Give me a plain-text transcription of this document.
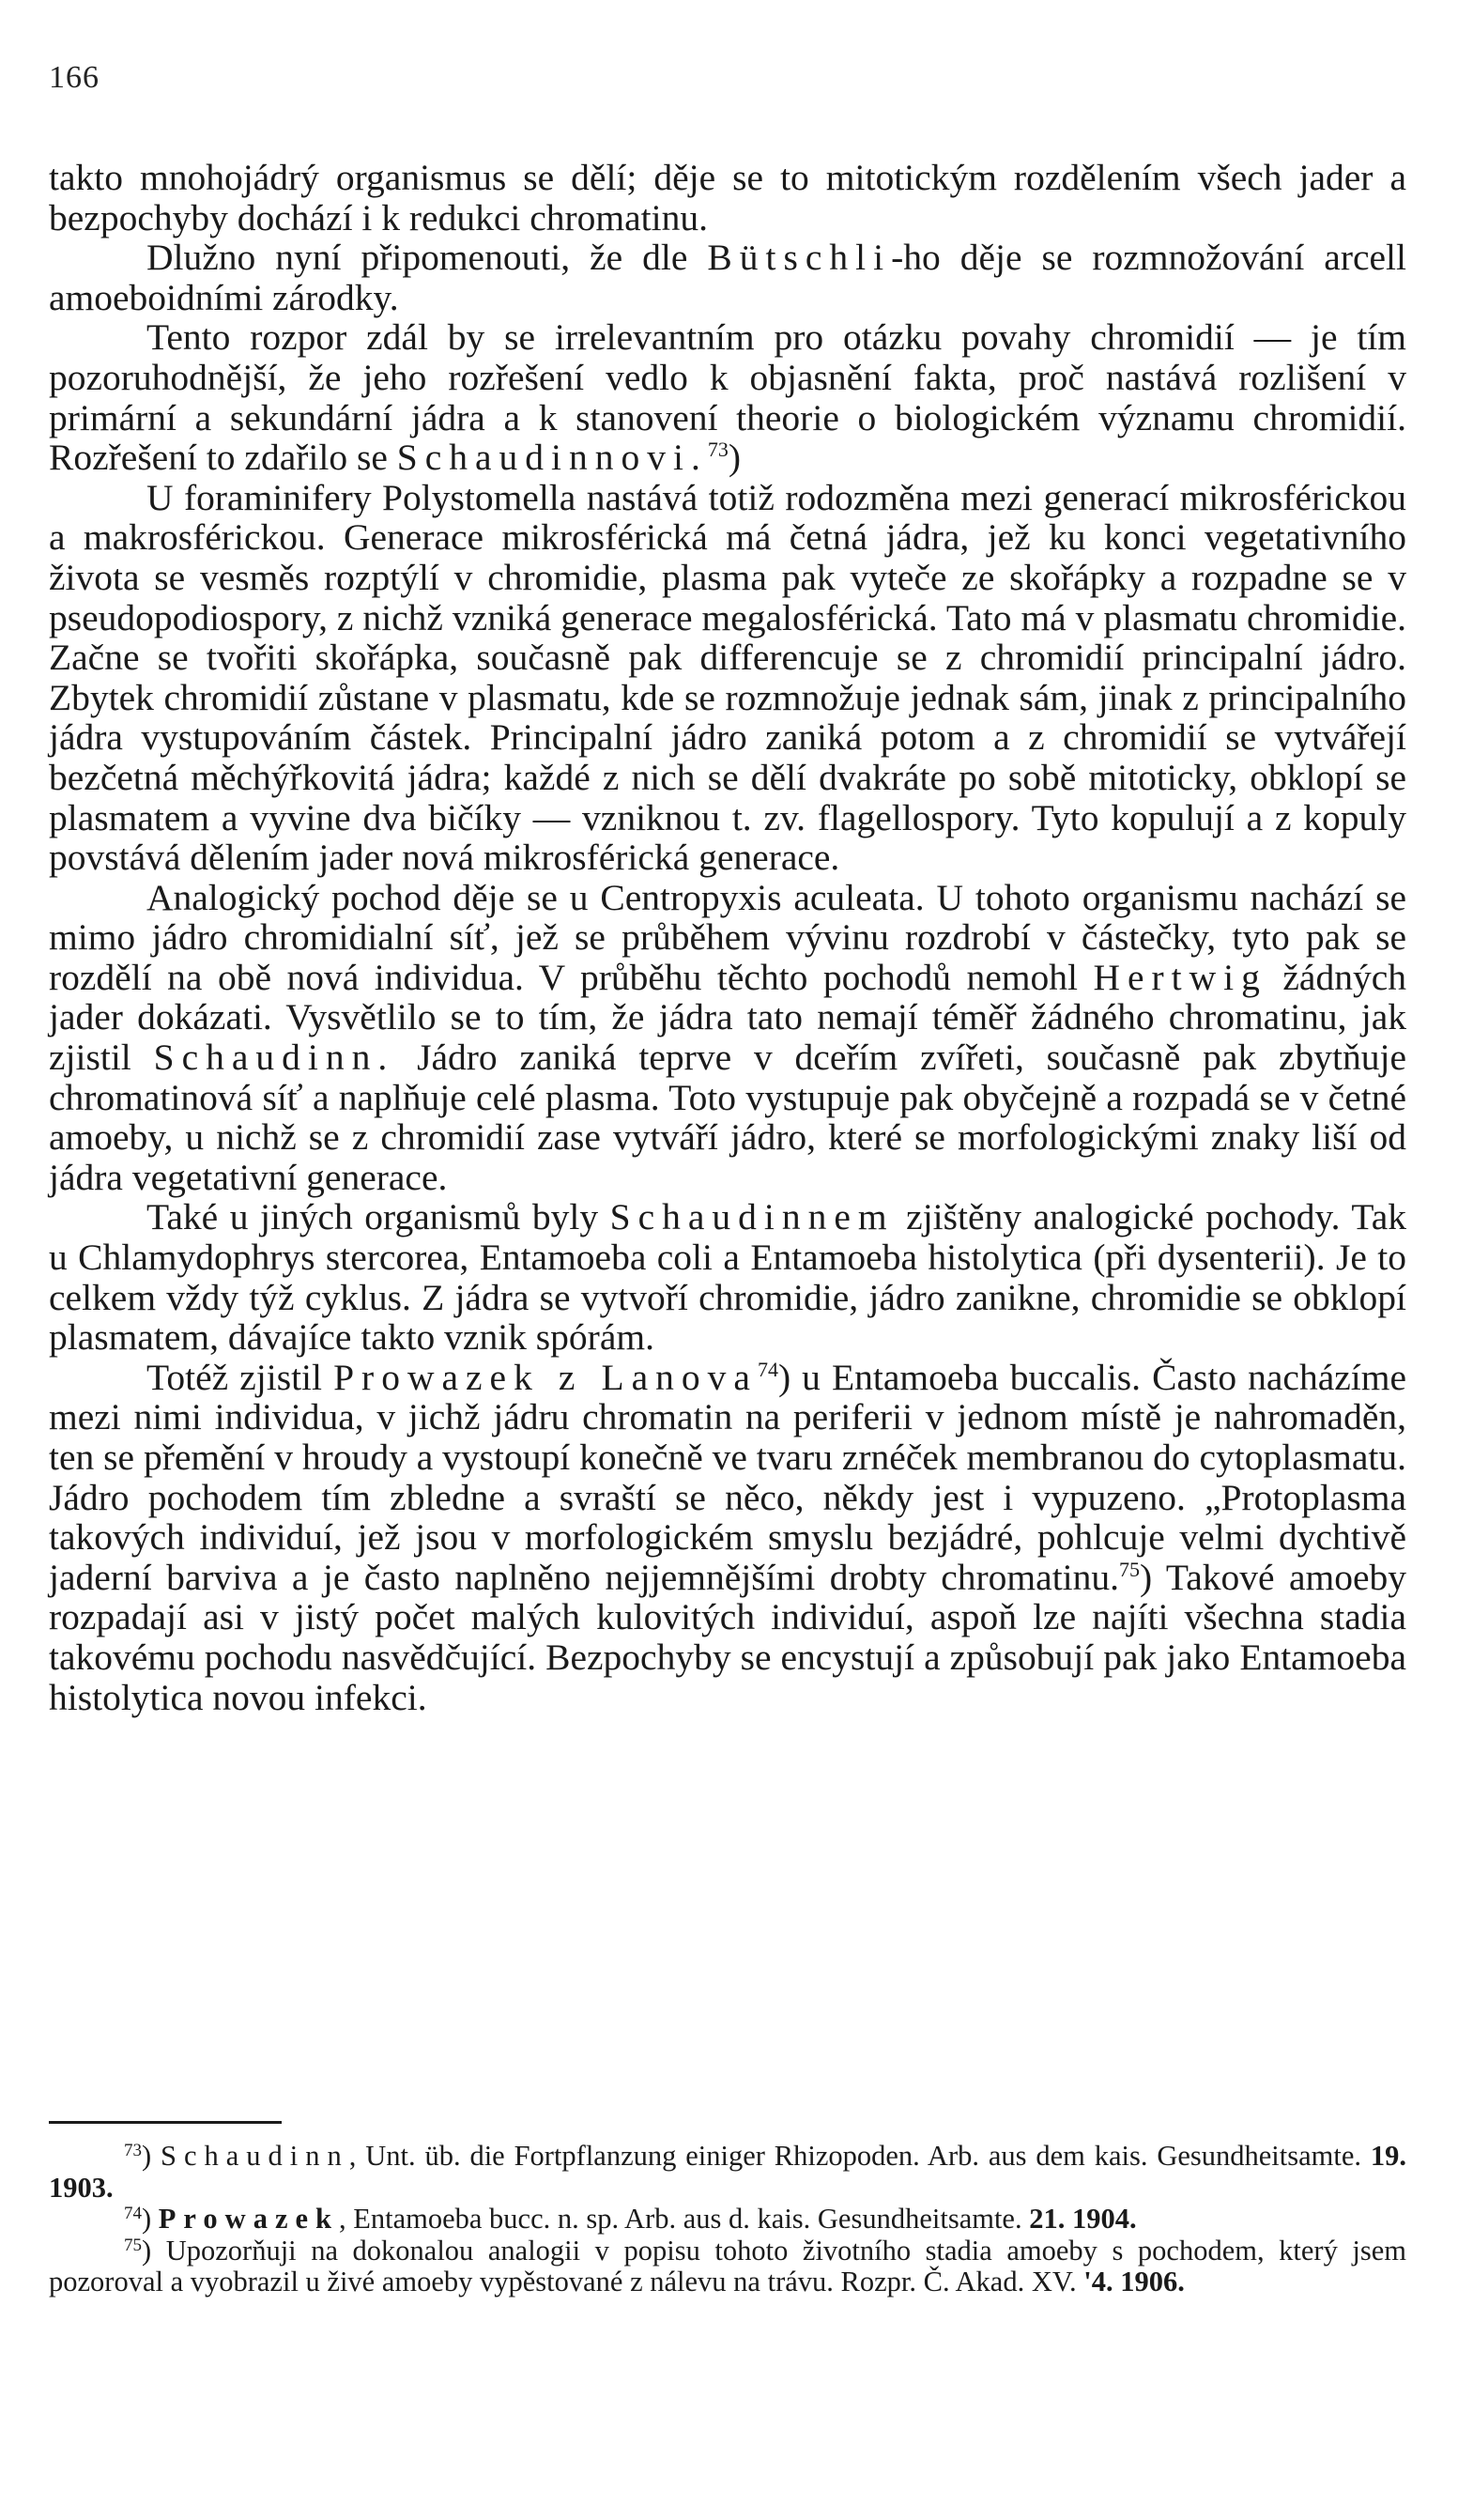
166

takto mnohojádrý organismus se dělí; děje se to mitotickým rozdělením všech jader a bezpochyby dochází i k redukci chromatinu.

Dlužno nyní připomenouti, že dle Bütschli-ho děje se rozmnožování arcell amoeboidními zárodky.

Tento rozpor zdál by se irrelevantním pro otázku povahy chromidií — je tím pozoruhodnější, že jeho rozřešení vedlo k objasnění fakta, proč nastává rozlišení v primární a sekundární jádra a k stanovení theorie o biologickém významu chromidií. Rozřešení to zdařilo se Schaudinnovi.$^{73}$)

U foraminifery Polystomella nastává totiž rodozměna mezi generací mikrosférickou a makrosférickou. Generace mikrosférická má četná jádra, jež ku konci vegetativního života se vesměs rozptýlí v chromidie, plasma pak vyteče ze skořápky a rozpadne se v pseudopodiospory, z nichž vzniká generace megalosférická. Tato má v plasmatu chromidie. Začne se tvořiti skořápka, současně pak differencuje se z chromidií principalní jádro. Zbytek chromidií zůstane v plasmatu, kde se rozmnožuje jednak sám, jinak z principalního jádra vystupováním částek. Principalní jádro zaniká potom a z chromidií se vytvářejí bezčetná měchýřkovitá jádra; každé z nich se dělí dvakráte po sobě mitoticky, obklopí se plasmatem a vyvine dva bičíky — vzniknou t. zv. flagellospory. Tyto kopulují a z kopuly povstává dělením jader nová mikrosférická generace.

Analogický pochod děje se u Centropyxis aculeata. U tohoto organismu nachází se mimo jádro chromidialní síť, jež se průběhem vývinu rozdrobí v částečky, tyto pak se rozdělí na obě nová individua. V průběhu těchto pochodů nemohl Hertwig žádných jader dokázati. Vysvětlilo se to tím, že jádra tato nemají téměř žádného chromatinu, jak zjistil Schaudinn. Jádro zaniká teprve v dceřím zvířeti, současně pak zbytňuje chromatinová síť a naplňuje celé plasma. Toto vystupuje pak obyčejně a rozpadá se v četné amoeby, u nichž se z chromidií zase vytváří jádro, které se morfologickými znaky liší od jádra vegetativní generace.

Také u jiných organismů byly Schaudinnem zjištěny analogické pochody. Tak u Chlamydophrys stercorea, Entamoeba coli a Entamoeba histolytica (při dysenterii). Je to celkem vždy týž cyklus. Z jádra se vytvoří chromidie, jádro zanikne, chromidie se obklopí plasmatem, dávajíce takto vznik spórám.

Totéž zjistil Prowazek z Lanova$^{74}$) u Entamoeba buccalis. Často nacházíme mezi nimi individua, v jichž jádru chromatin na periferii v jednom místě je nahromaděn, ten se přemění v hroudy a vystoupí konečně ve tvaru zrnéček membranou do cytoplasmatu. Jádro pochodem tím zbledne a svraští se něco, někdy jest i vypuzeno. „Protoplasma takových individuí, jež jsou v morfologickém smyslu bezjádré, pohlcuje velmi dychtivě jaderní barviva a je často naplněno nejjemnějšími drobty chromatinu.$^{75}$) Takové amoeby rozpadají asi v jistý počet malých kulovitých individuí, aspoň lze najíti všechna stadia takovému pochodu nasvědčující. Bezpochyby se encystují a způsobují pak jako Entamoeba histolytica novou infekci.

$^{73}$) Schaudinn, Unt. üb. die Fortpflanzung einiger Rhizopoden. Arb. aus dem kais. Gesundheitsamte. 19. 1903.

$^{74}$) Prowazek, Entamoeba bucc. n. sp. Arb. aus d. kais. Gesundheitsamte. 21. 1904.

$^{75}$) Upozorňuji na dokonalou analogii v popisu tohoto životního stadia amoeby s pochodem, který jsem pozoroval a vyobrazil u živé amoeby vypěstované z nálevu na trávu. Rozpr. Č. Akad. XV. '4. 1906.
